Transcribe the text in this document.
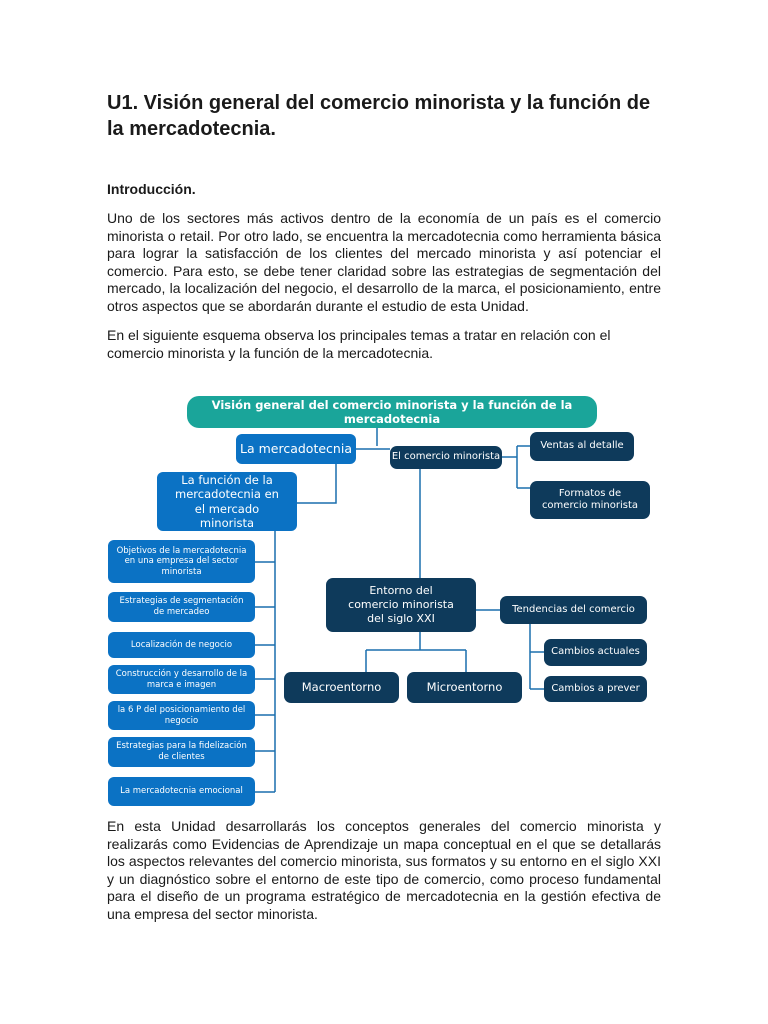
U1. Visión general del comercio minorista y la función de la mercadotecnia.
Introducción.

Uno de los sectores más activos dentro de la economía de un país es el comercio minorista o retail. Por otro lado, se encuentra la mercadotecnia como herramienta básica para lograr la satisfacción de los clientes del mercado minorista y así potenciar el comercio. Para esto, se debe tener claridad sobre las estrategias de segmentación del mercado, la localización del negocio, el desarrollo de la marca, el posicionamiento, entre otros aspectos que se abordarán durante el estudio de esta Unidad.

En el siguiente esquema observa los principales temas a tratar en relación con el comercio minorista y la función de la mercadotecnia.

Visión general del comercio minorista y la función de la mercadotecnia
La mercadotecnia
La función de la mercadotecnia en el mercado minorista
Objetivos de la mercadotecnia en una empresa del sector minorista
Estrategias de segmentación de mercadeo
Localización de negocio
Construcción y desarrollo de la marca e imagen
la 6 P del posicionamiento del negocio
Estrategias para la fidelización de clientes
La mercadotecnia emocional
El comercio minorista
Ventas al detalle
Formatos de comercio minorista
Entorno del comercio minorista del siglo XXI
Tendencias del comercio
Cambios actuales
Cambios a prever
Macroentorno	Microentorno

En esta Unidad desarrollarás los conceptos generales del comercio minorista y realizarás como Evidencias de Aprendizaje un mapa conceptual en el que se detallarás los aspectos relevantes del comercio minorista, sus formatos y su entorno en el siglo XXI y un diagnóstico sobre el entorno de este tipo de comercio, como proceso fundamental para el diseño de un programa estratégico de mercadotecnia en la gestión efectiva de una empresa del sector minorista.
